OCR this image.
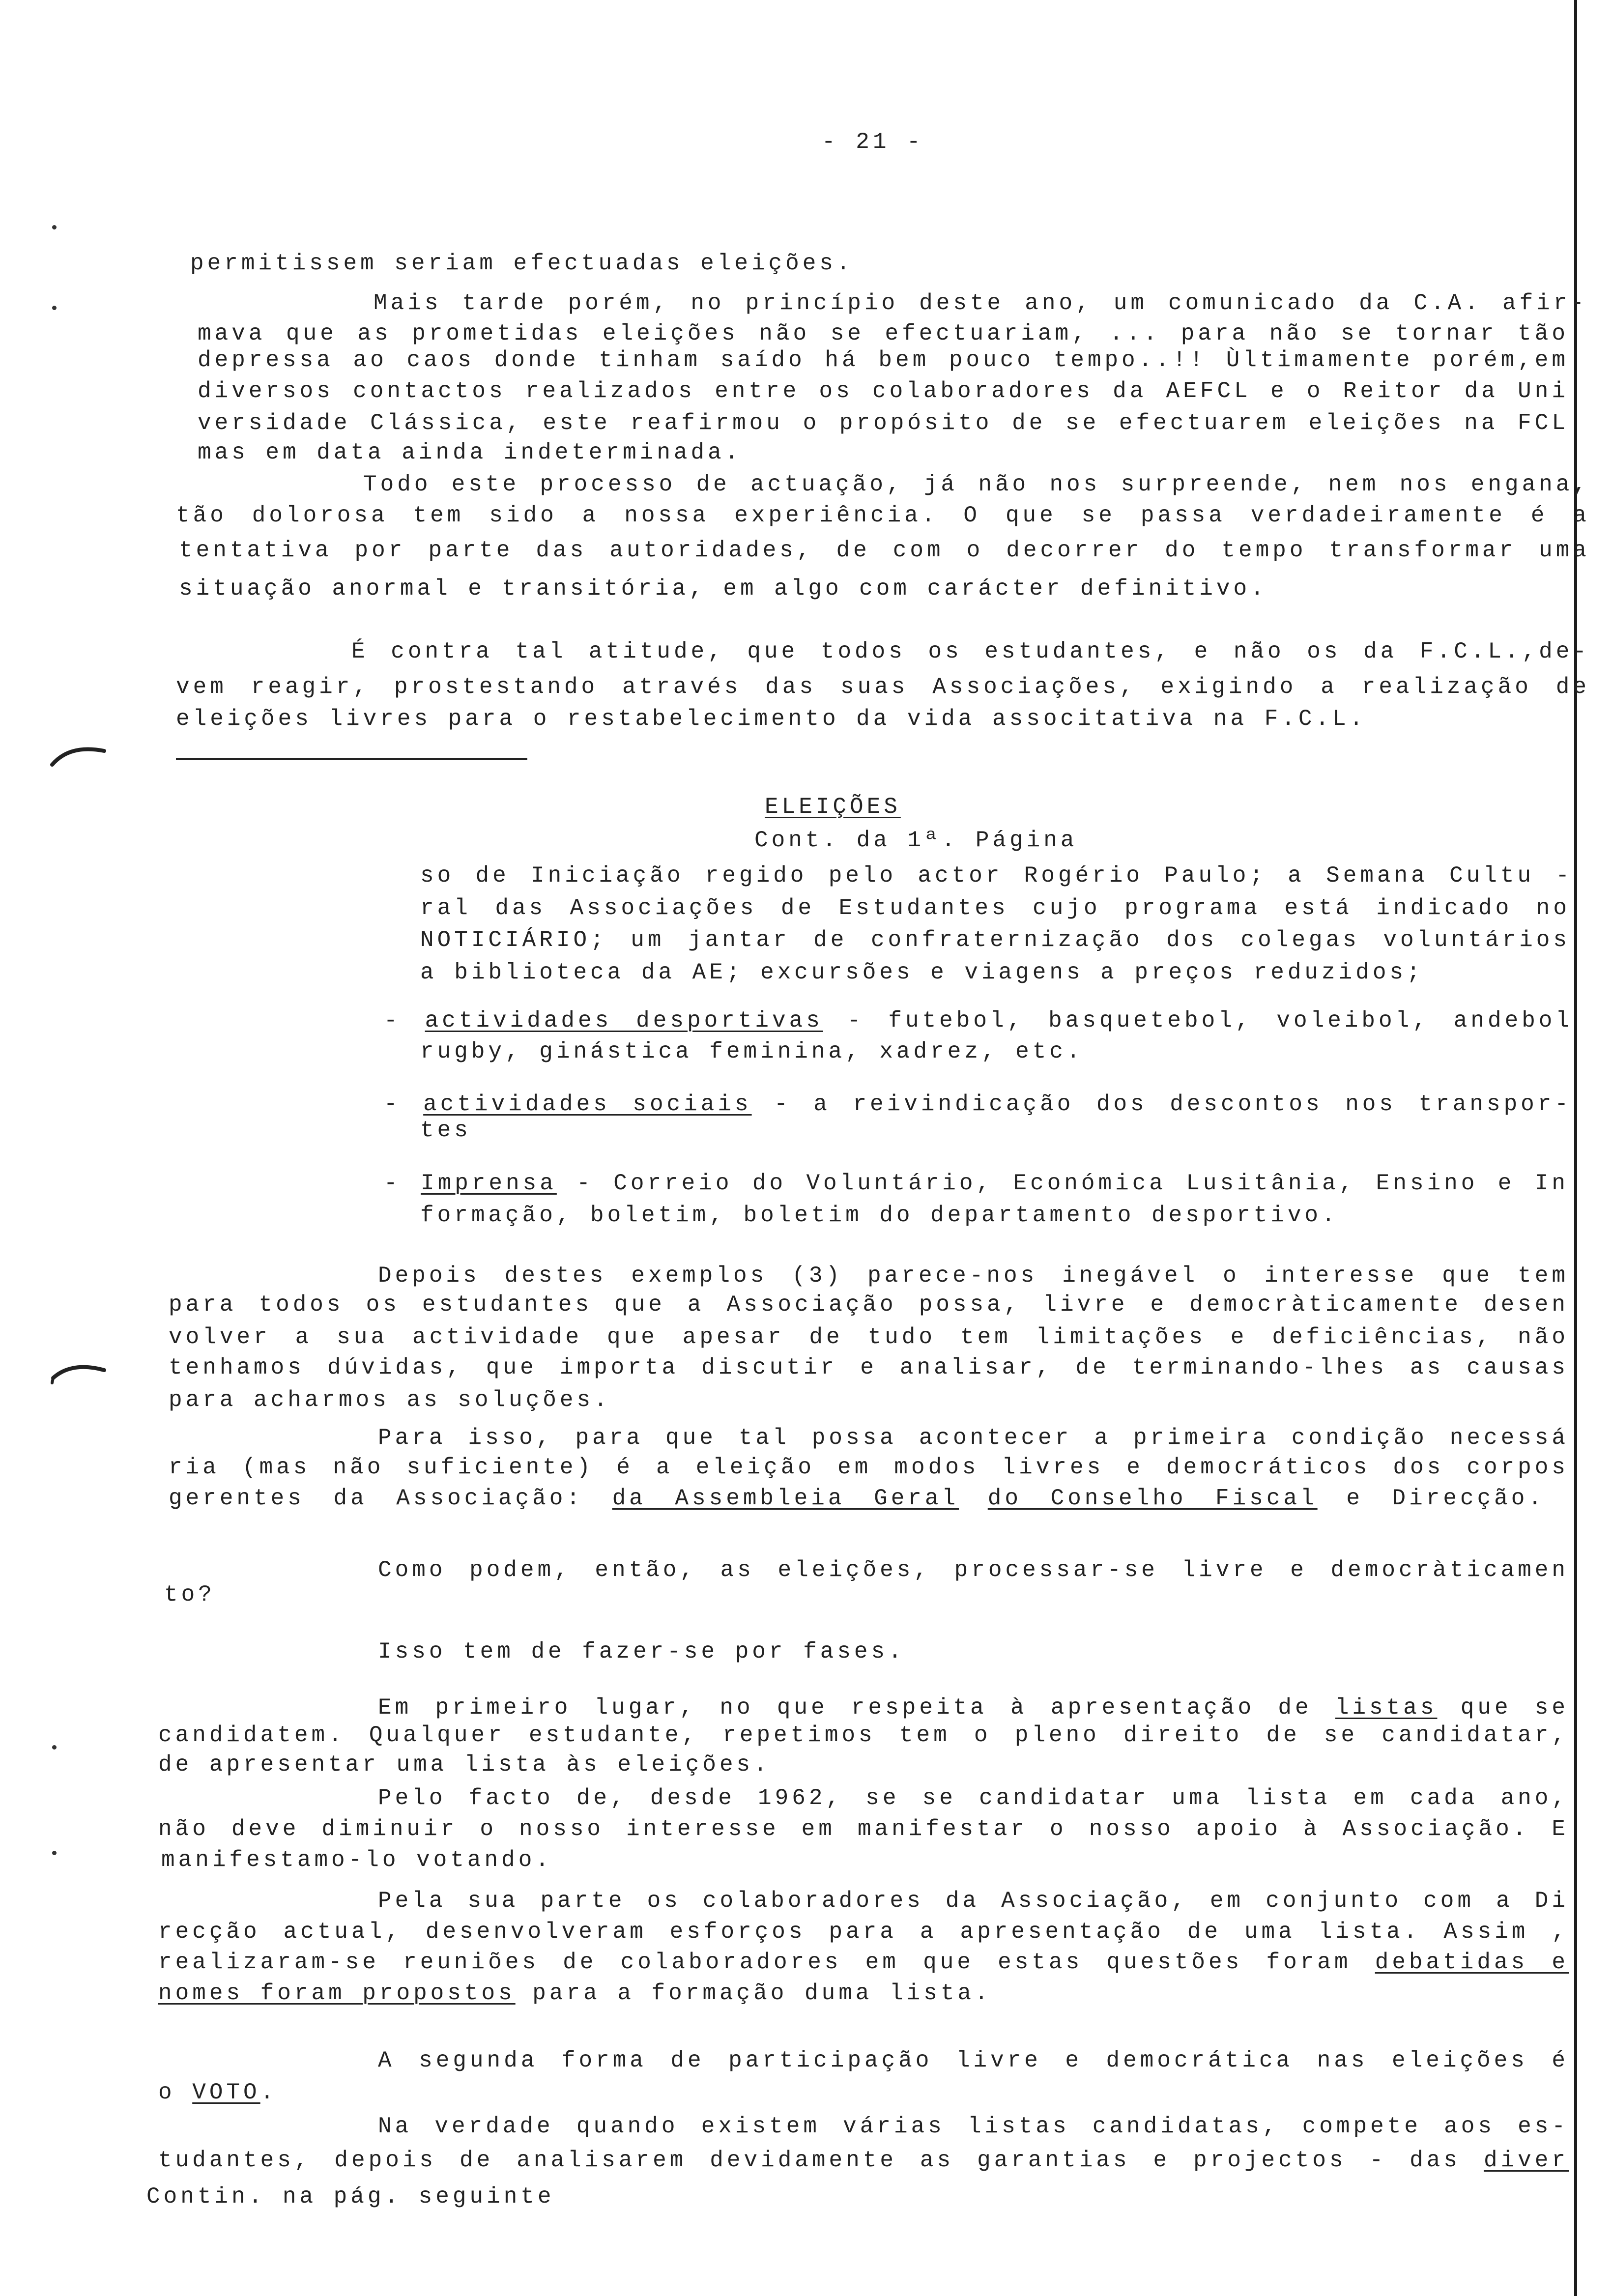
- 21 -
permitissem seriam efectuadas eleições.
Mais tarde porém, no princípio deste ano, um comunicado da C.A. afir-
mava que as prometidas eleições não se efectuariam, ... para não se tornar tão
depressa ao caos donde tinham saído há bem pouco tempo..!! Ùltimamente porém,em
diversos contactos realizados entre os colaboradores da AEFCL e o Reitor da Uni
versidade Clássica, este reafirmou o propósito de se efectuarem eleições na FCL
mas em data ainda indeterminada.
Todo este processo de actuação, já não nos surpreende, nem nos engana,
tão dolorosa tem sido a nossa experiência. O que se passa verdadeiramente é a
tentativa por parte das autoridades, de com o decorrer do tempo transformar uma
situação anormal e transitória, em algo com carácter definitivo.
É contra tal atitude, que todos os estudantes, e não os da F.C.L.,de-
vem reagir, prostestando através das suas Associações, exigindo a realização de
eleições livres para o restabelecimento da vida associtativa na F.C.L.
ELEIÇÕES
Cont. da 1ª. Página
so de Iniciação regido pelo actor Rogério Paulo; a Semana Cultu -
ral das Associações de Estudantes cujo programa está indicado no
NOTICIÁRIO; um jantar de confraternização dos colegas voluntários
a biblioteca da AE; excursões e viagens a preços reduzidos;
- actividades desportivas - futebol, basquetebol, voleibol, andebol
rugby, ginástica feminina, xadrez, etc.
- actividades sociais - a reivindicação dos descontos nos transpor-
tes
- Imprensa - Correio do Voluntário, Económica Lusitânia, Ensino e In
formação, boletim, boletim do departamento desportivo.
Depois destes exemplos (3) parece-nos inegável o interesse que tem
para todos os estudantes que a Associação possa, livre e democràticamente desen
volver a sua actividade que apesar de tudo tem limitações e deficiências, não
tenhamos dúvidas, que importa discutir e analisar, de terminando-lhes as causas
para acharmos as soluções.
Para isso, para que tal possa acontecer a primeira condição necessá
ria (mas não suficiente) é a eleição em modos livres e democráticos dos corpos
gerentes da Associação: da Assembleia Geral do Conselho Fiscal e Direcção.
Como podem, então, as eleições, processar-se livre e democràticamen
to?
Isso tem de fazer-se por fases.
Em primeiro lugar, no que respeita à apresentação de listas que se
candidatem. Qualquer estudante, repetimos tem o pleno direito de se candidatar,
de apresentar uma lista às eleições.
Pelo facto de, desde 1962, se se candidatar uma lista em cada ano,
não deve diminuir o nosso interesse em manifestar o nosso apoio à Associação. E
manifestamo-lo votando.
Pela sua parte os colaboradores da Associação, em conjunto com a Di
recção actual, desenvolveram esforços para a apresentação de uma lista. Assim ,
realizaram-se reuniões de colaboradores em que estas questões foram debatidas e
nomes foram propostos para a formação duma lista.
A segunda forma de participação livre e democrática nas eleições é
o VOTO.
Na verdade quando existem várias listas candidatas, compete aos es-
tudantes, depois de analisarem devidamente as garantias e projectos - das diver
Contin. na pág. seguinte
